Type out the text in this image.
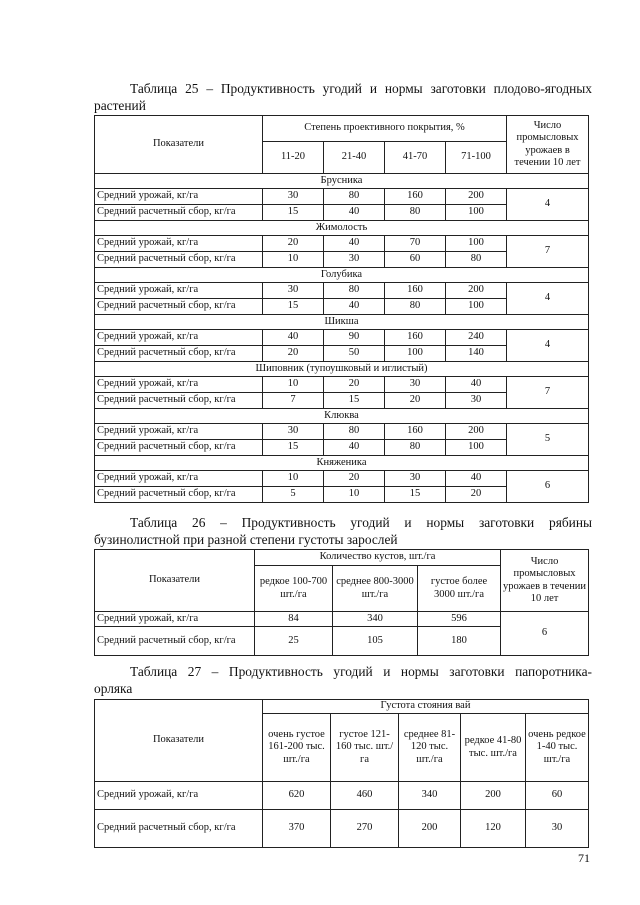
Таблица 25 – Продуктивность угодий и нормы заготовки плодово-ягодных
растений
Показатели	Степень проективного покрытия, %				Число промысловых урожаев в течении 10 лет
	11-20	21-40	41-70	71-100	
Брусника					
Средний урожай, кг/га	30	80	160	200	4
Средний расчетный сбор, кг/га	15	40	80	100	
Жимолость					
Средний урожай, кг/га	20	40	70	100	7
Средний расчетный сбор, кг/га	10	30	60	80	
Голубика					
Средний урожай, кг/га	30	80	160	200	4
Средний расчетный сбор, кг/га	15	40	80	100	
Шикша					
Средний урожай, кг/га	40	90	160	240	4
Средний расчетный сбор, кг/га	20	50	100	140	
Шиповник (тупоушковый и иглистый)					
Средний урожай, кг/га	10	20	30	40	7
Средний расчетный сбор, кг/га	7	15	20	30	
Клюква					
Средний урожай, кг/га	30	80	160	200	5
Средний расчетный сбор, кг/га	15	40	80	100	
Княженика					
Средний урожай, кг/га	10	20	30	40	6
Средний расчетный сбор, кг/га	5	10	15	20	
Таблица 26 – Продуктивность угодий и нормы заготовки рябины
бузинолистной при разной степени густоты зарослей
Показатели	Количество кустов, шт./га			Число промысловых урожаев в течении 10 лет
	редкое 100-700 шт./га	среднее 800-3000 шт./га	густое более 3000 шт./га	
Средний урожай, кг/га	84	340	596	6
Средний расчетный сбор, кг/га	25	105	180	
Таблица 27 – Продуктивность угодий и нормы заготовки папоротника-
орляка
Показатели	Густота стояния вай				
	очень густое 161-200 тыс. шт./га	густое 121-160 тыс. шт./га	среднее 81-120 тыс. шт./га	редкое 41-80 тыс. шт./га	очень редкое 1-40 тыс. шт./га
Средний урожай, кг/га	620	460	340	200	60
Средний расчетный сбор, кг/га	370	270	200	120	30
71
